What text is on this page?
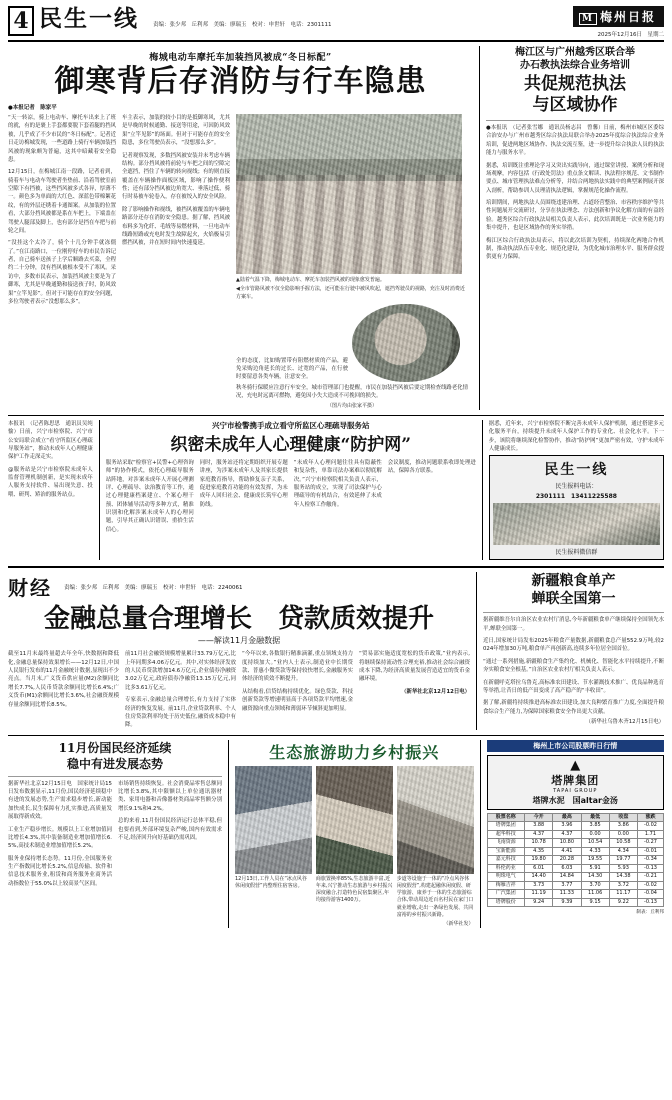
4 民生一线	责编：张少邦　丘利邦　美编：廖瑞玉　校对：申世轩　电话：2301111
M 梅州日报
2025年12月16日　星期二
梅城电动车摩托车加装挡风被成“冬日标配”
御寒背后存消防与行车隐患
●本报记者　陈家平
“天一转凉，骑上电动车、摩托车出来上了班的就，有的是裹上手套都要脱下套着腿的挡风被，几乎成了不少市民的“冬日标配”。记者近日走访梅城发现，一些道路上骑行车辆加装挡风被的现象颇为普遍，这其中暗藏着安全隐患。
12月15日，在梅城江南一段路，记者看到，骑着车与电动车驾驶者坐垫前、沿着驾驶室前空隙下有挡被，这些挡风被多式各异，厚薄不一。颜色多为单面的大红色、深蓝色带棉絮花纹，有的外层还绣着卡通图案。从加装的位置看，大部分挡风被都是系在车把上，下端盖在驾驶人腿部及脚上，也有部分是挡在车把与前轮之间。
“没挂这个太冷了，骑个十几分钟手就冻僵了。”在江南路口，一位刚停好车的市民告诉记者，自己骑车送孩子上学后顺路去买菜，全程约二十分钟，没有挡风被根本受不了寒风。采访中，多数市民表示，加装挡风被主要是为了御寒，尤其是早晚通勤和接送孩子时，防风效果“立竿见影”。但对于可能存在的安全问题，多位驾驶者表示“没想那么多”。
车主表示，加装的较小目的是抵御寒风，尤其是早晚的时候通勤、接送等用途，可因防风效果“立竿见影”的场面。但对于可能存在的安全隐患，多位驾驶员表示，“没想那么多”。
记者观察发现，多数挡风被安装并未考虑车辆结构。部分挡风被将前轮与车把之间的空隙完全遮挡，挡住了车辆的转向视线；有的则直接覆盖在车辆操作面板区域，影响了操作便利性；还有部分挡风被边角宽大、垂落过低，骑行时易被车轮卷入，存在被绞入的安全风险。
除了影响操作和视线，被挡风被覆盖的车辆电路部分还存在消防安全隐患。据了解，挡风被布料多为化纤、毛绒等易燃材料，一旦电动车线路短路或充电时发生故障起火，火焰极易引燃挡风被，并在短时间内快速蔓延。
▲陆着气温下降，梅城电动车、摩托车加装挡风被的现象愈发普遍。
◀全市管路风被不仅全隐影响手握方法，还可能在行驶中被风吹起，遮挡驾驶员的视路，充注及时消费近方案车。
全的态度，比如购置带有阻燃材质的产品，避免采购边角延长的过长、过宽的产品，在行驶时要留意各类车辆，注意安全。
秋冬骑行保暖应注意行车安全，城市管理部门也提醒，市民在加装挡风被后要定期检查线路老化情况，充电时远离可燃物，避免因小失大造成不可挽回的损失。
（图片均由张家平摄）
梅江区与广州越秀区联合举
办石教执法综合业务培训
共促规范执法
与区域协作
●本报讯　（记者张雪娜　通讯员杨志昌　曾馨）日前，梅州市城区区委综合治安办与广州市越秀区综合执法局联合举办2025年度综合执法综合业务培训，促进两地区域协作、执法交流互鉴，进一步提升综合执法人员的执法能力与服务水平。
据悉，培训既注重理论学习又突出实践导向，通过课堂讲授、案例分析和现场观摩，内容包括《行政处罚法》重点条文解读、执法程序规范、文书制作要点、城市管理执法难点分析等，并结合两地执法实践中的典型案例展开深入剖析，帮助参训人员理清执法逻辑，掌握规范化操作流程。
培训期间，两地执法人员围绕违建治理、占道经营整治、市容秩序维护等共性问题展开交流研讨，分享在执法理念、方法创新和争议化解方面的有益经验。越秀区综合行政执法局相关负责人表示，此次培训既是一次业务能力的集中提升，也是区域协作的务实举措。
梅江区综合行政执法局表示，将以此次培训为契机，持续深化两地合作机制，推动执法队伍专业化、规范化建设，为优化城市治理水平、服务群众提供更有力保障。
本报讯　（记者陈思思　通讯员吴纯愉）日前，兴宁市检察院、兴宁市公安局联合成立“看守所监区心理疏导服务站”，推动未成年人心理健康保护工作走深走实。
@服务站是兴宁市检察院未成年人监督管理机制创新，是实现未成年人服务支持软件、易出现失意、投喂、研判、矫治的服务站点。
兴宁市检警携手成立看守所监区心理疏导服务站
织密未成年人心理健康“防护网”
服务站采取“检察官+民警+心理咨询师”的协作模式，依托心理疏导服务站阵地，对涉案未成年人开展心理测评、心理疏导、法治教育等工作，通过心理健康档案建立、个案心理干预、团体辅导活动等多种方式，精准识别和化解涉案未成年人的心理问题，引导其正确认识错误、重拾生活信心。
同时，服务站还将定期组织开展专题讲座，为涉案未成年人及其家长提供家庭教育指导，帮助修复亲子关系，促进家庭教育功能的有效发挥，为未成年人回归社会、健康成长筑牢心理防线。
“未成年人心理问题往往具有隐蔽性和复杂性，单靠司法办案难以彻底解决。”兴宁市检察院相关负责人表示，服务站的成立，实现了司法保护与心理疏导的有机结合，有效延伸了未成年人检察工作触角。
会议制度，推动问题联系收即处理进站，保障各方联系。
据悉，近年来，兴宁市检察院不断完善未成年人保护机制，通过搭建多元化服务平台，持续提升未成年人保护工作的专业化、社会化水平。下一步，该院将继续深化检警协作，推动“防护网”更加严密有效，守护未成年人健康成长。
民生一线
民生报料电话：
2301111　13411225588
民生报料微信群
财经 责编：张少邦　丘利邦　美编：廖瑞玉　校对：申世轩　电话：2240061
金融总量合理增长　贷款质效提升
——解读11月金融数据
截至11月末最终量超去年全年,快数据和降低化,金融总量保持效果增长——12月12日,中国人民银行发布的11月金融统计数据,显现出不少亮点。当月末,广义货币供应量(M2)余额同比增长7.7%,人民币贷款余额同比增长6.4%;广义货币(M1)余额同比增长3.6%,社会融资规模存量余额同比增长8.5%。
前11月社会融资规模增量累计33.79万亿元,比上年同期多4.06万亿元。其中,对实体经济发放的人民币贷款增加14.6万亿元,企业债券净融资3.02万亿元,政府债券净融资13.15万亿元,同比多3.61万亿元。
专家表示,金融总量合理增长,有力支持了实体经济的恢复发展。前11月,企业贷款利率、个人住房贷款利率均处于历史低位,融资成本稳中有降。
“今年以来,各数银行精准滴灌,重点领域支持力度持续加大。”业内人士表示,制造业中长期贷款、普惠小微贷款等保持较快增长,金融服务实体经济的质效不断提升。
从结构看,信贷结构持续优化。绿色贷款、科技创新贷款等增速明显高于各项贷款平均增速,金融资源向重点领域和薄弱环节倾斜更加明显。
“贸易部实施适度宽松的货币政策,”业内表示,将继续保持流动性合理充裕,推动社会综合融资成本下降,为经济高质量发展营造适宜的货币金融环境。
（新华社北京12月12日电）
新疆粮食单产
蝉联全国第一
据新疆维吾尔自治区农业农村厅消息,今年新疆粮食单产继续保持全国领先水平,蝉联全国第一。
近日,国家统计局发布2025年粮食产量数据,新疆粮食总产量552.9万吨,较2024年增加30万吨,粮食单产再创新高,连续多年位居全国首位。
“通过一系列措施,新疆粮食生产集约化、机械化、智能化水平持续提升,不断夯实粮食安全根基。”自治区农业农村厅相关负责人表示。
在新疆呼克塔拉乌鲁克,高标准农田建设、节水灌溉技术推广、优良品种选育等举措,让昔日的低产田变成了高产稳产的“丰收田”。
据了解,新疆将持续推进高标准农田建设,加大良种繁育推广力度,全面提升粮食综合生产能力,为保障国家粮食安全作出更大贡献。
（新华社乌鲁木齐12月15日电）
11月份国民经济延续
稳中有进发展态势
据新华社北京12月15日电　国家统计局15日发布数据显示,11月份,国民经济延续稳中有进的发展态势,生产需求稳步增长,新动能加快成长,民生保障有力扎实推进,高质量发展取得新成效。
工业生产稳步增长。规模以上工业增加值同比增长4.3%,其中装备制造业增加值增长6.5%,高技术制造业增加值增长5.2%。
服务业保持增长态势。11月份,全国服务业生产指数同比增长5.2%,信息传输、软件和信息技术服务业,租赁和商务服务业商务活动指数位于55.0%以上较高景气区间。
市场销售持续恢复。社会消费品零售总额同比增长3.8%,其中限额以上单位通讯器材类、家用电器和音像器材类商品零售额分别增长9.1%和4.2%。
总的来看,11月份国民经济运行总体平稳,但也要看到,外部环境复杂严峻,国内有效需求不足,经济回升向好基础仍需巩固。
生态旅游助力乡村振兴
12月13日,工作人员在“冰点风谷休闲度假营”内整理住宿客房。
商旅置换率85%,生态旅游丰富,近年来,兴宁推动生态旅游与乡村振兴深度融合,打造特色民宿集聚区,年均接待游客1400万。
步道等设施于一体的“冷点风谷休闲度假营”,构建起融休闲度假、研学旅游、康养于一体的生态旅游综合体,带动周边近百名村民在家门口就业增收,走出一条绿色发展、共同富裕的乡村振兴新路。
（新华社发）
梅州上市公司股票昨日行情
▲
塔牌集团
TAPAI GROUP
塔牌水泥　国altar金汤
股票名称	今开	最高	最低	收盘	涨跌
塔牌集团	3.88	3.96	3.85	3.86	-0.02
超华科技	4.37	4.37	0.00	0.00	1.71
飞南资源	10.78	10.80	10.54	10.58	-0.27
宝新能源	4.35	4.41	4.33	4.34	-0.01
嘉元科技	19.80	20.28	19.55	19.77	-0.34
科伦药业	6.01	6.03	5.91	5.93	-0.13
明珠电气	14.40	14.84	14.30	14.38	-0.21
梅雁吉祥	3.73	3.77	3.70	3.72	-0.02
广汽集团	11.19	11.33	11.06	11.17	-0.04
塔牌股份	9.24	9.39	9.15	9.22	-0.13
制表：丘利邦
